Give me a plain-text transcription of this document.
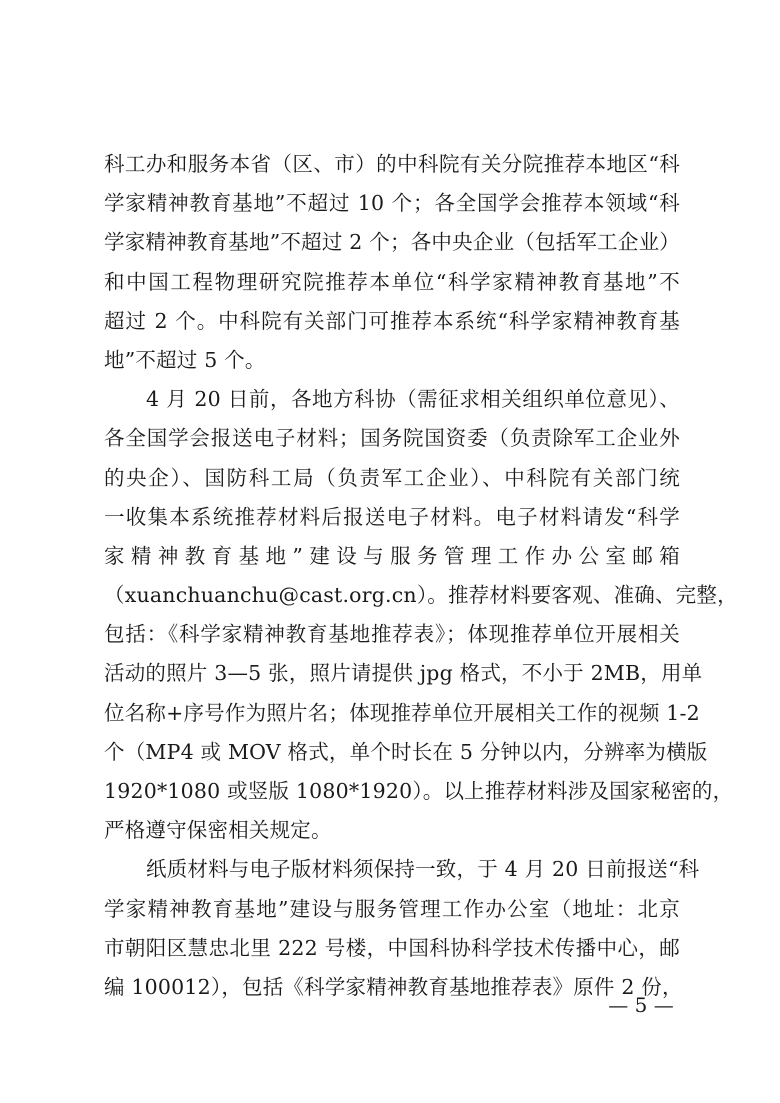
科工办和服务本省（区、市）的中科院有关分院推荐本地区“科
学家精神教育基地”不超过 10 个；各全国学会推荐本领域“科
学家精神教育基地”不超过 2 个；各中央企业（包括军工企业）
和中国工程物理研究院推荐本单位“科学家精神教育基地”不
超过 2 个。中科院有关部门可推荐本系统“科学家精神教育基
地”不超过 5 个。
4 月 20 日前，各地方科协（需征求相关组织单位意见）、
各全国学会报送电子材料；国务院国资委（负责除军工企业外
的央企）、国防科工局（负责军工企业）、中科院有关部门统
一收集本系统推荐材料后报送电子材料。电子材料请发“科学
家精神教育基地”建设与服务管理工作办公室邮箱
（xuanchuanchu@cast.org.cn）。推荐材料要客观、准确、完整，
包括：《科学家精神教育基地推荐表》；体现推荐单位开展相关
活动的照片 3—5 张，照片请提供 jpg 格式，不小于 2MB，用单
位名称+序号作为照片名；体现推荐单位开展相关工作的视频 1-2
个（MP4 或 MOV 格式，单个时长在 5 分钟以内，分辨率为横版
1920*1080 或竖版 1080*1920）。以上推荐材料涉及国家秘密的，
严格遵守保密相关规定。
纸质材料与电子版材料须保持一致，于 4 月 20 日前报送“科
学家精神教育基地”建设与服务管理工作办公室（地址：北京
市朝阳区慧忠北里 222 号楼，中国科协科学技术传播中心，邮
编 100012），包括《科学家精神教育基地推荐表》原件 2 份，
— 5 —
